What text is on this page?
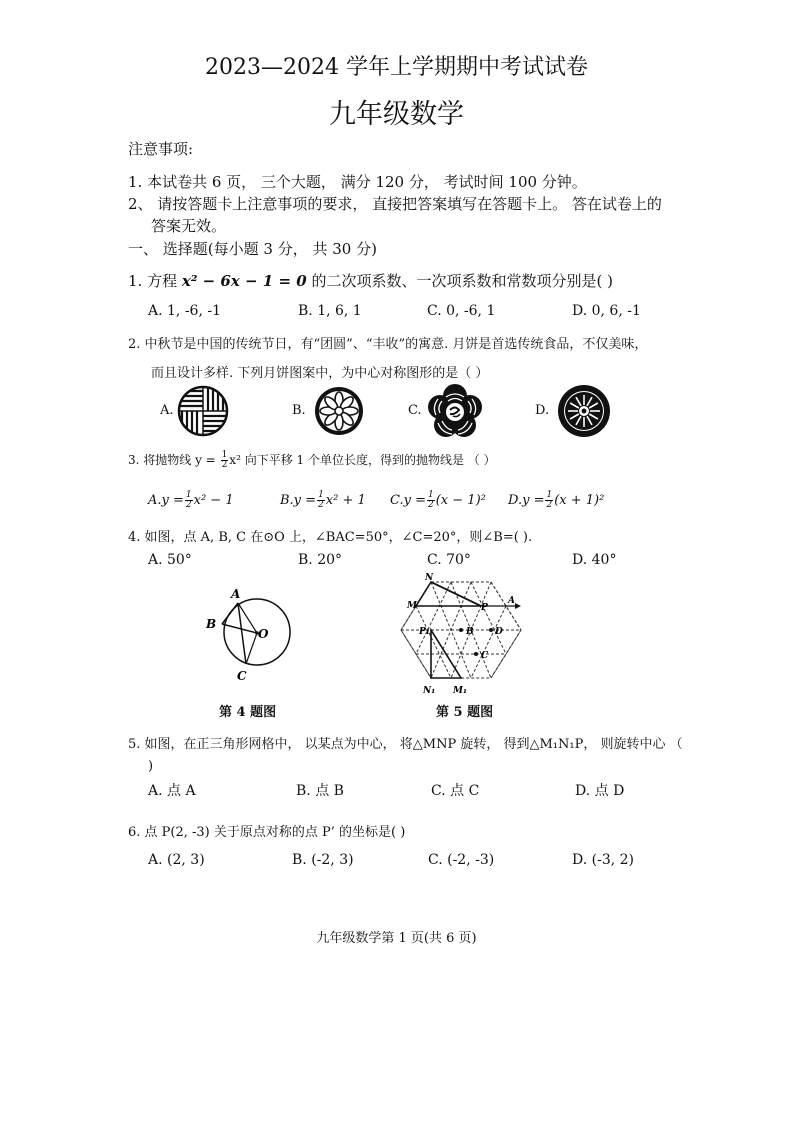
2023—2024 学年上学期期中考试试卷
九年级数学
注意事项:
1. 本试卷共 6 页， 三个大题， 满分 120 分， 考试时间 100 分钟。
2、 请按答题卡上注意事项的要求， 直接把答案填写在答题卡上。 答在试卷上的
答案无效。
一、 选择题(每小题 3 分， 共 30 分)
1. 方程 x² − 6x − 1 = 0 的二次项系数、一次项系数和常数项分别是( )
A. 1, -6, -1	B. 1, 6, 1	C. 0, -6, 1	D. 0, 6, -1
2. 中秋节是中国的传统节日，有“团圆”、“丰收”的寓意. 月饼是首选传统食品，不仅美味，
而且设计多样. 下列月饼图案中，为中心对称图形的是（ ）
A.	B.	C.	D.
3. 将抛物线 $y = \frac{1}{2} x^2$ 向下平移 1 个单位长度，得到的抛物线是 （ ）
$A.y = \frac{1}{2} x^2 - 1$	$B.y = \frac{1}{2} x^2 + 1$ $C.y = \frac{1}{2} (x - 1)^2$ $D.y = \frac{1}{2} (x + 1)^2$
4. 如图，点 A, B, C 在⊙O 上，∠BAC=50°，∠C=20°，则∠B=( ).
A. 50°	B. 20°	C. 70°	D. 40°
A
B
C
O
第 4 题图
N
M	P
A
P₁	B D
C
N₁ M₁
第 5 题图
5. 如图，在正三角形网格中， 以某点为中心， 将△MNP 旋转， 得到△M₁N₁P， 则旋转中心 （
)
A. 点 A	B. 点 B	C. 点 C	D. 点 D
6. 点 P(2, -3) 关于原点对称的点 P’ 的坐标是( )
A. (2, 3)	B. (-2, 3)	C. (-2, -3)	D. (-3, 2)
九年级数学第 1 页(共 6 页)
